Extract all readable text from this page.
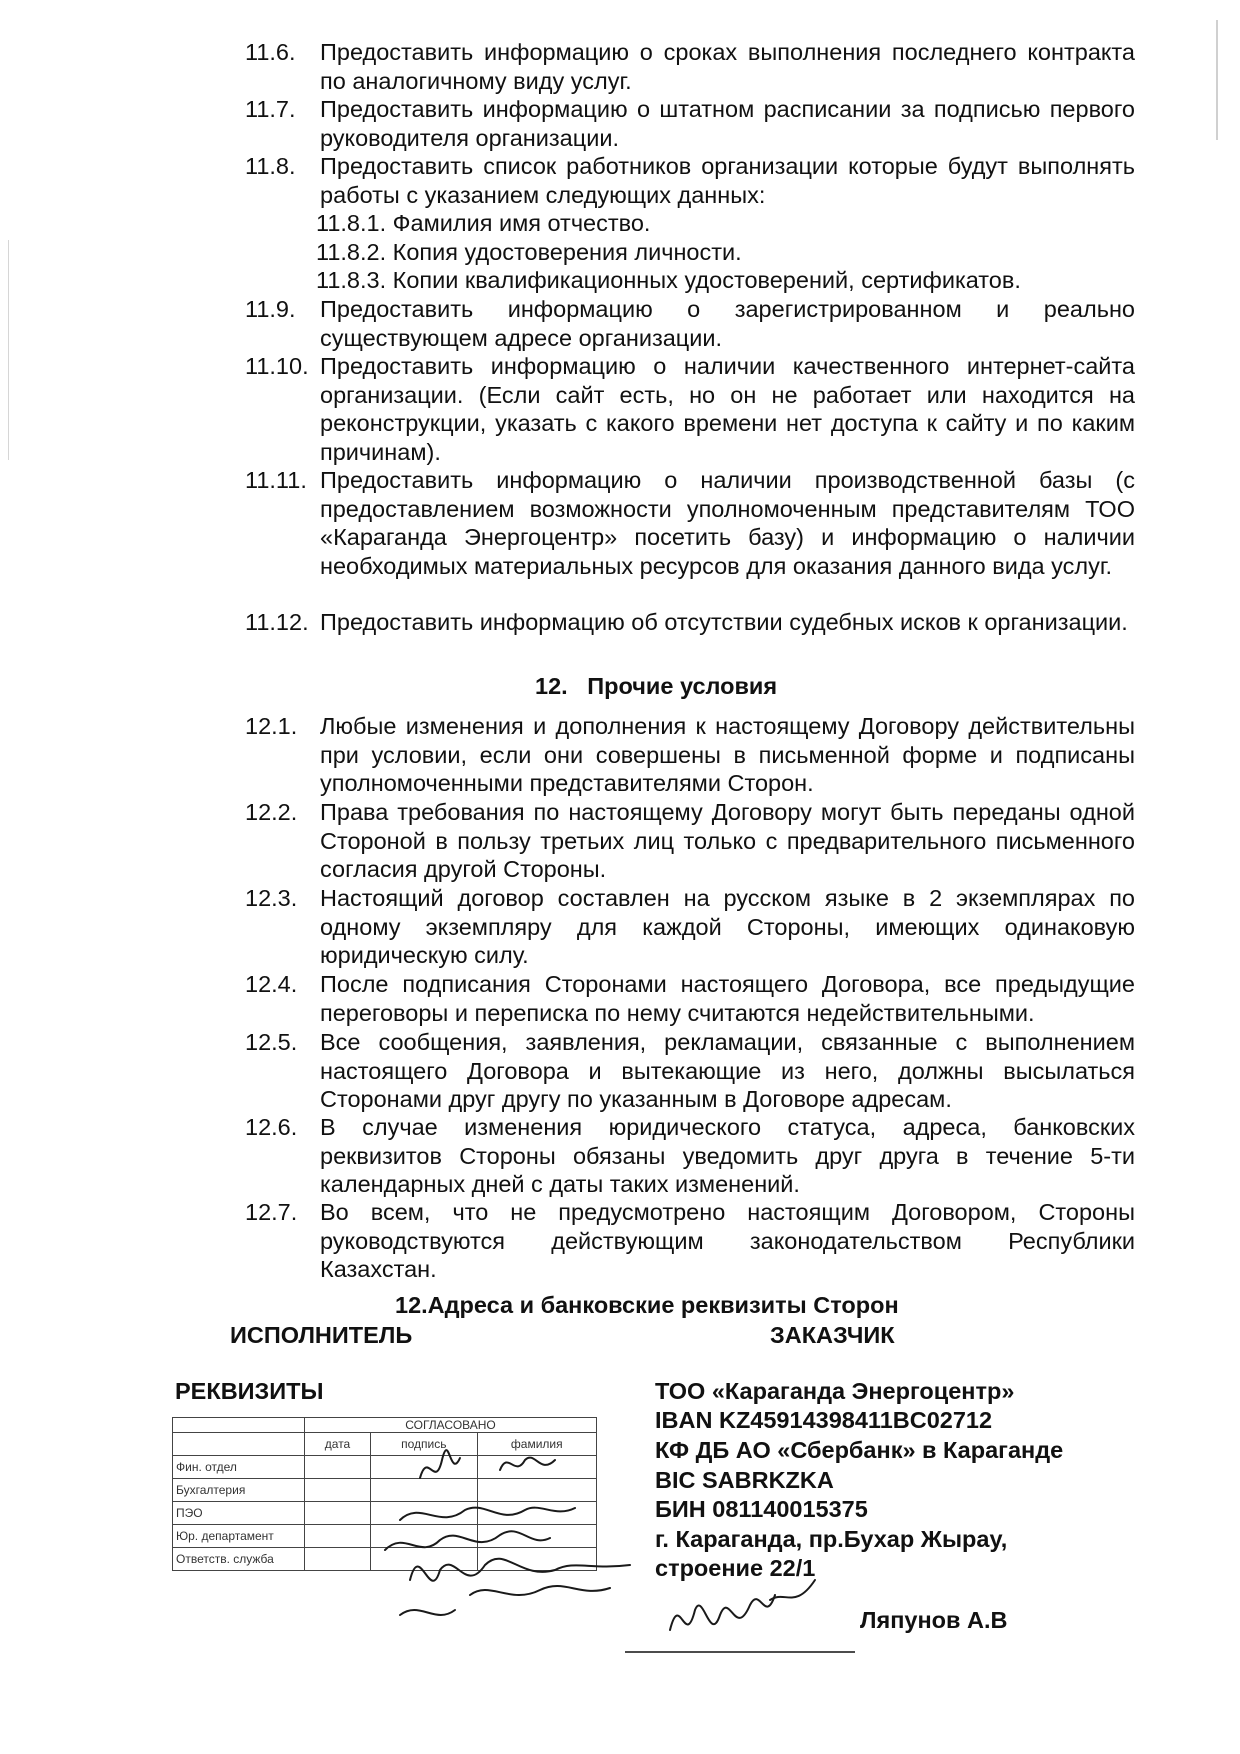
11.6. Предоставить информацию о сроках выполнения последнего контракта по аналогичному виду услуг.
11.7. Предоставить информацию о штатном расписании за подписью первого руководителя организации.
11.8. Предоставить список работников организации которые будут выполнять работы с указанием следующих данных:
11.8.1. Фамилия имя отчество.
11.8.2. Копия удостоверения личности.
11.8.3. Копии квалификационных удостоверений, сертификатов.
11.9. Предоставить информацию о зарегистрированном и реально существующем адресе организации.
11.10. Предоставить информацию о наличии качественного интернет-сайта организации. (Если сайт есть, но он не работает или находится на реконструкции, указать с какого времени нет доступа к сайту и по каким причинам).
11.11. Предоставить информацию о наличии производственной базы (с предоставлением возможности уполномоченным представителям ТОО «Караганда Энергоцентр» посетить базу) и информацию о наличии необходимых материальных ресурсов для оказания данного вида услуг.
11.12. Предоставить информацию об отсутствии судебных исков к организации.
12.   Прочие условия
12.1. Любые изменения и дополнения к настоящему Договору действительны при условии, если они совершены в письменной форме и подписаны уполномоченными представителями Сторон.
12.2. Права требования по настоящему Договору могут быть переданы одной Стороной в пользу третьих лиц только с предварительного письменного согласия другой Стороны.
12.3. Настоящий договор составлен на русском языке в 2 экземплярах по одному экземпляру для каждой Стороны, имеющих одинаковую юридическую силу.
12.4. После подписания Сторонами настоящего Договора, все предыдущие переговоры и переписка по нему считаются недействительными.
12.5. Все сообщения, заявления, рекламации, связанные с выполнением настоящего Договора и вытекающие из него, должны высылаться Сторонами друг другу по указанным в Договоре адресам.
12.6. В случае изменения юридического статуса, адреса, банковских реквизитов Стороны обязаны уведомить друг друга в течение 5-ти календарных дней с даты таких изменений.
12.7. Во всем, что не предусмотрено настоящим Договором, Стороны руководствуются действующим законодательством Республики Казахстан.
12.Адреса и банковские реквизиты Сторон
ИСПОЛНИТЕЛЬ	ЗАКАЗЧИК
РЕКВИЗИТЫ	ТОО «Караганда Энергоцентр»
IBAN KZ45914398411BC02712
КФ ДБ АО «Сбербанк» в Караганде
BIC SABRKZKA
БИН 081140015375
г. Караганда, пр.Бухар Жырау,
строение 22/1
	СОГЛАСОВАНО		
	дата	подпись	фамилия
Фин. отдел			
Бухгалтерия			
ПЭО			
Юр. департамент			
Ответств. служба			
Ляпунов А.В
